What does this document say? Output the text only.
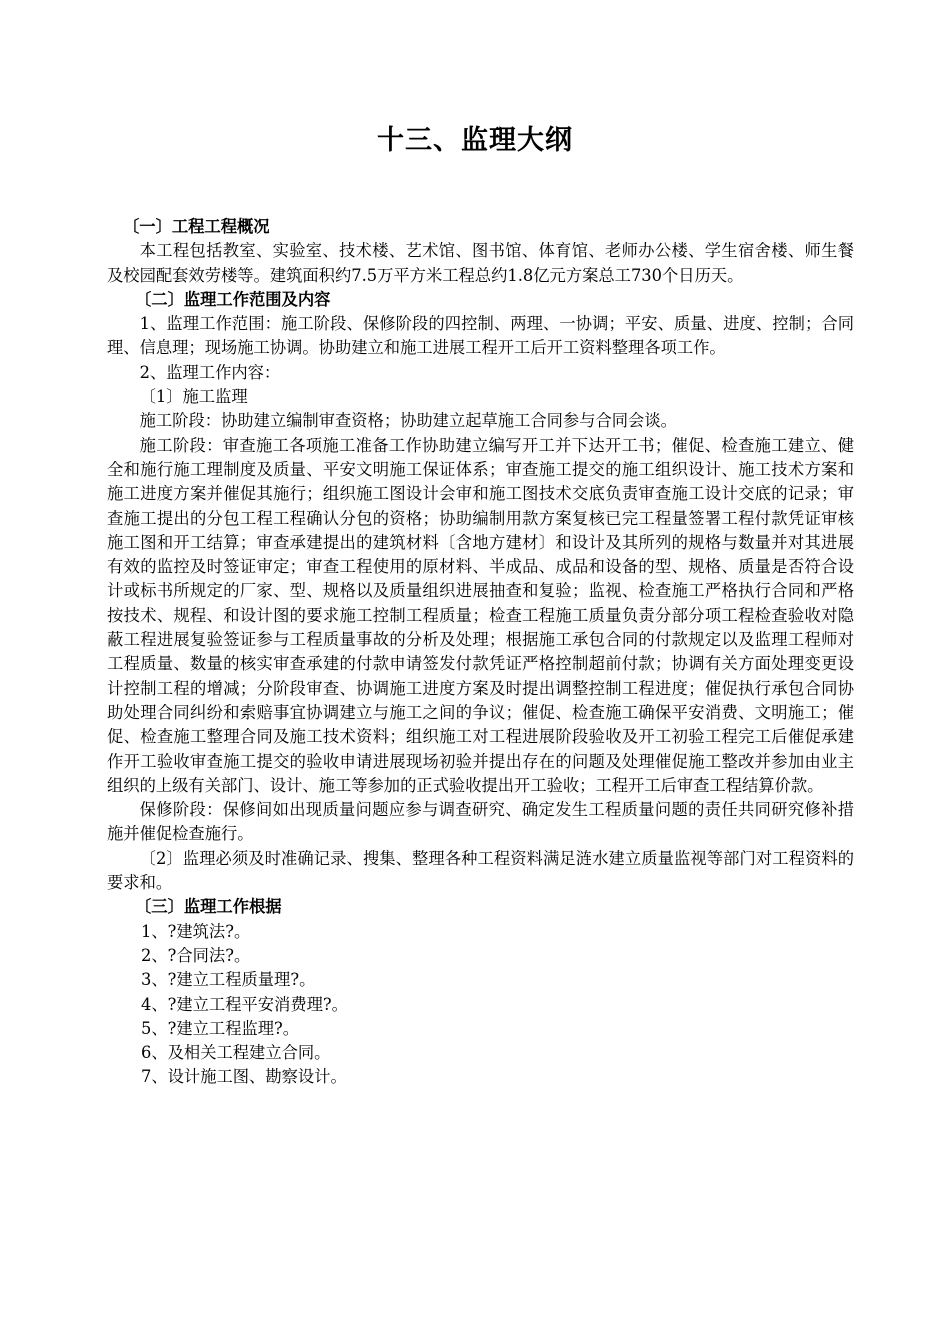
十三、监理大纲

〔一〕工程工程概况

本工程包括教室、实验室、技术楼、艺术馆、图书馆、体育馆、老师办公楼、学生宿舍楼、师生餐及校园配套效劳楼等。建筑面积约7.5万平方米工程总约1.8亿元方案总工730个日历天。

〔二〕监理工作范围及内容

1、监理工作范围：施工阶段、保修阶段的四控制、两理、一协调；平安、质量、进度、控制；合同理、信息理；现场施工协调。协助建立和施工进展工程开工后开工资料整理各项工作。

2、监理工作内容：

〔1〕施工监理

施工阶段：协助建立编制审查资格；协助建立起草施工合同参与合同会谈。

施工阶段：审查施工各项施工准备工作协助建立编写开工并下达开工书；催促、检查施工建立、健全和施行施工理制度及质量、平安文明施工保证体系；审查施工提交的施工组织设计、施工技术方案和施工进度方案并催促其施行；组织施工图设计会审和施工图技术交底负责审查施工设计交底的记录；审查施工提出的分包工程工程确认分包的资格；协助编制用款方案复核已完工程量签署工程付款凭证审核施工图和开工结算；审查承建提出的建筑材料〔含地方建材〕和设计及其所列的规格与数量并对其进展有效的监控及时签证审定；审查工程使用的原材料、半成品、成品和设备的型、规格、质量是否符合设计或标书所规定的厂家、型、规格以及质量组织进展抽查和复验；监视、检查施工严格执行合同和严格按技术、规程、和设计图的要求施工控制工程质量；检查工程施工质量负责分部分项工程检查验收对隐蔽工程进展复验签证参与工程质量事故的分析及处理；根据施工承包合同的付款规定以及监理工程师对工程质量、数量的核实审查承建的付款申请签发付款凭证严格控制超前付款；协调有关方面处理变更设计控制工程的增减；分阶段审查、协调施工进度方案及时提出调整控制工程进度；催促执行承包合同协助处理合同纠纷和索赔事宜协调建立与施工之间的争议；催促、检查施工确保平安消费、文明施工；催促、检查施工整理合同及施工技术资料；组织施工对工程进展阶段验收及开工初验工程完工后催促承建作开工验收审查施工提交的验收申请进展现场初验并提出存在的问题及处理催促施工整改并参加由业主组织的上级有关部门、设计、施工等参加的正式验收提出开工验收；工程开工后审查工程结算价款。

保修阶段：保修间如出现质量问题应参与调查研究、确定发生工程质量问题的责任共同研究修补措施并催促检查施行。

〔2〕监理必须及时准确记录、搜集、整理各种工程资料满足涟水建立质量监视等部门对工程资料的要求和。

〔三〕监理工作根据

1、?建筑法?。

2、?合同法?。

3、?建立工程质量理?。

4、?建立工程平安消费理?。

5、?建立工程监理?。

6、及相关工程建立合同。

7、设计施工图、勘察设计。
